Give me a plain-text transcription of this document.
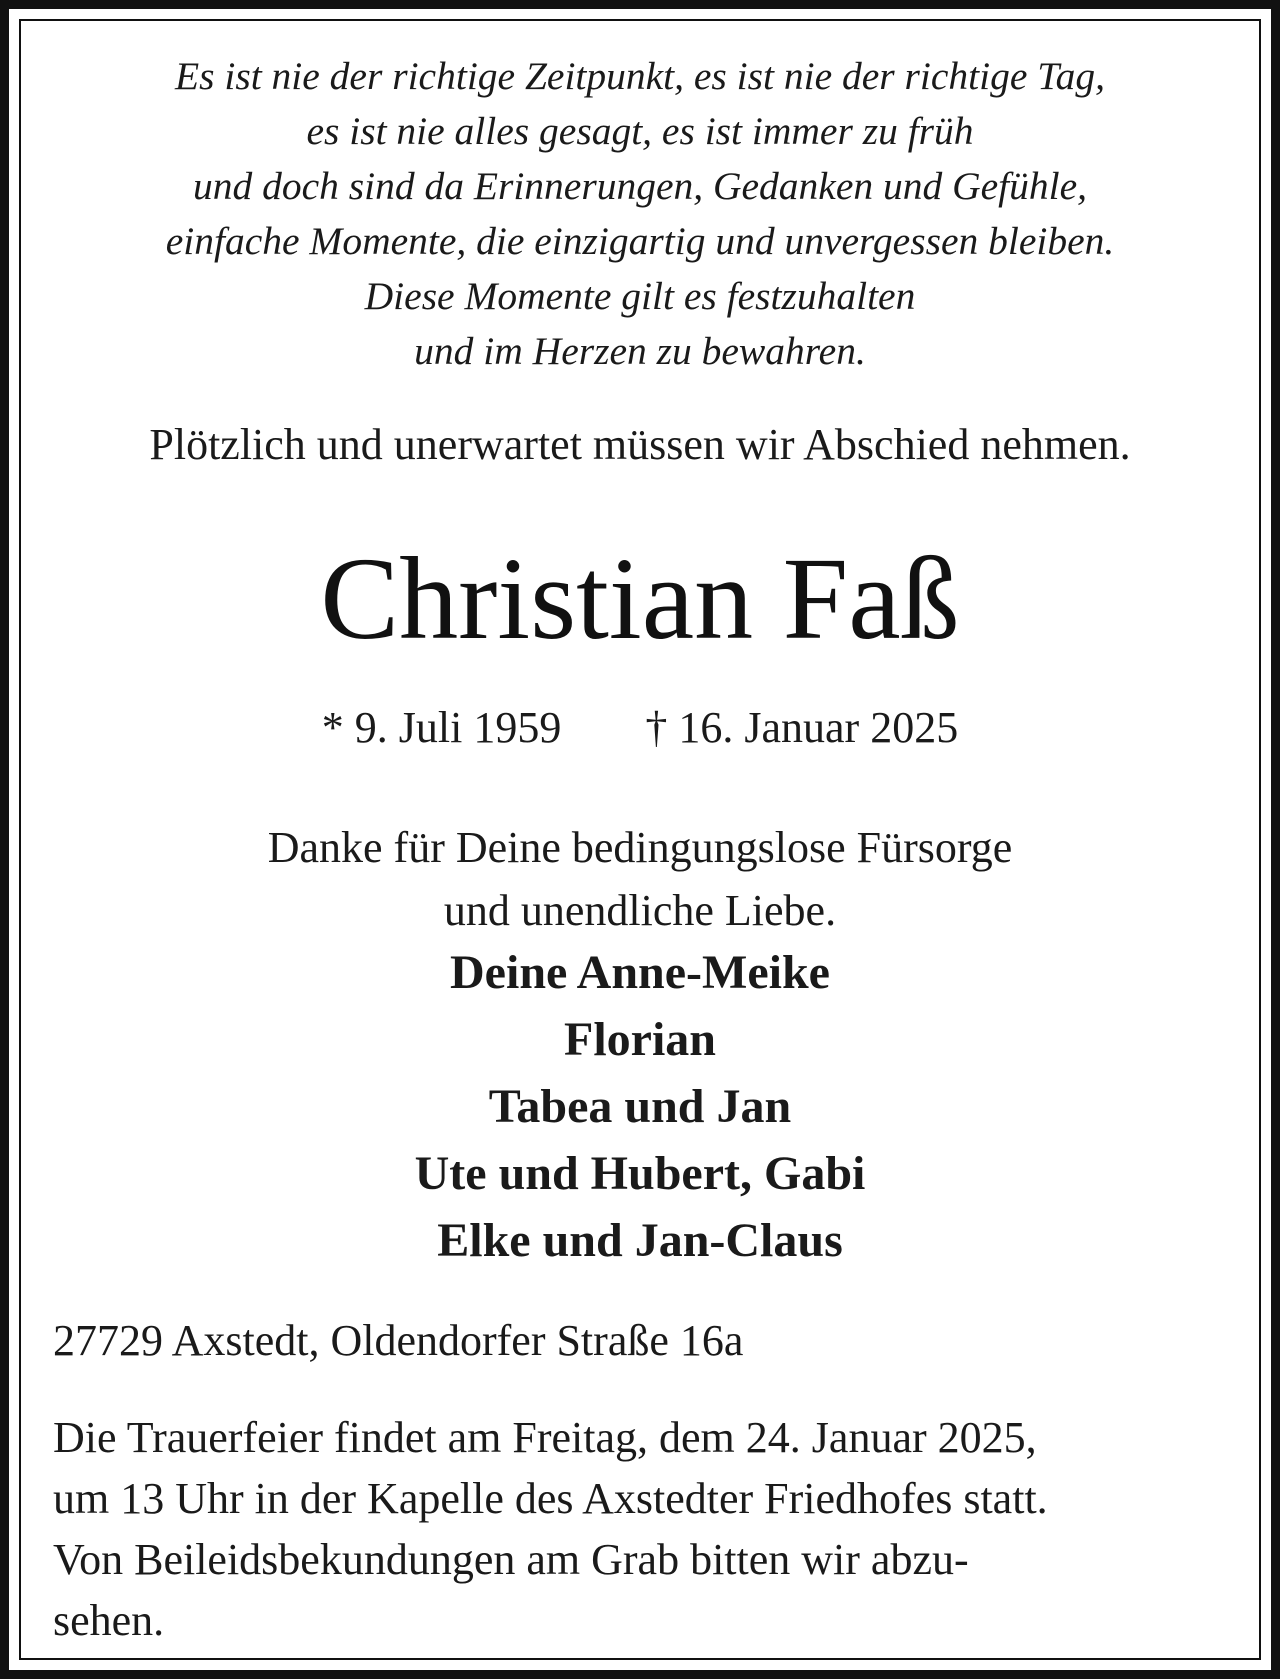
Es ist nie der richtige Zeitpunkt, es ist nie der richtige Tag,
es ist nie alles gesagt, es ist immer zu früh
und doch sind da Erinnerungen, Gedanken und Gefühle,
einfache Momente, die einzigartig und unvergessen bleiben.
Diese Momente gilt es festzuhalten
und im Herzen zu bewahren.

Plötzlich und unerwartet müssen wir Abschied nehmen.

Christian Faß
* 9. Juli 1959 † 16. Januar 2025

Danke für Deine bedingungslose Fürsorge
und unendliche Liebe.

Deine Anne-Meike
Florian
Tabea und Jan
Ute und Hubert, Gabi
Elke und Jan-Claus

27729 Axstedt, Oldendorfer Straße 16a

Die Trauerfeier findet am Freitag, dem 24. Januar 2025,
um 13 Uhr in der Kapelle des Axstedter Friedhofes statt.
Von Beileidsbekundungen am Grab bitten wir abzu-
sehen.
